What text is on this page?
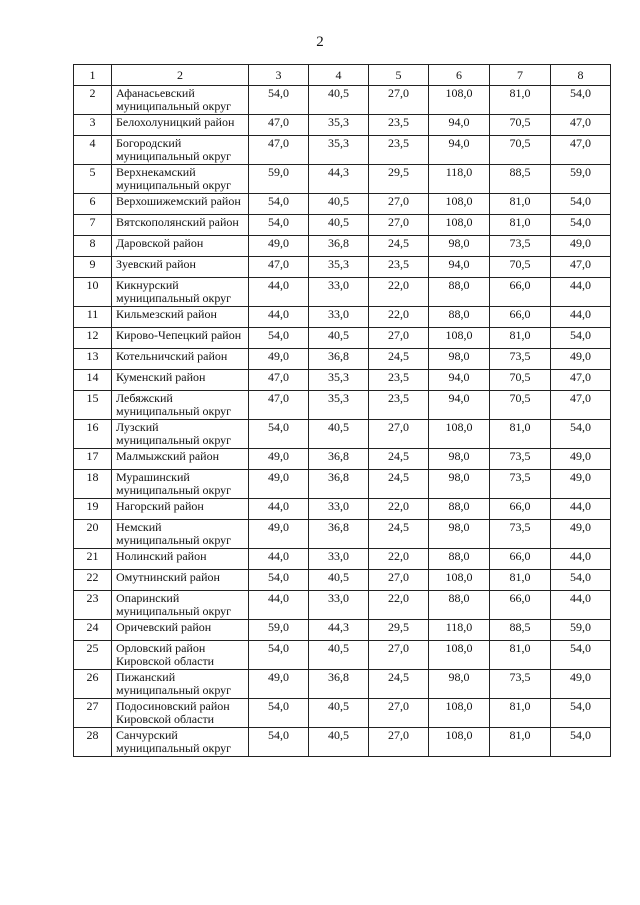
2
1	2	3	4	5	6	7	8
2	Афанасьевский муниципальный округ	54,0	40,5	27,0	108,0	81,0	54,0
3	Белохолуницкий район	47,0	35,3	23,5	94,0	70,5	47,0
4	Богородский муниципальный округ	47,0	35,3	23,5	94,0	70,5	47,0
5	Верхнекамский муниципальный округ	59,0	44,3	29,5	118,0	88,5	59,0
6	Верхошижемский район	54,0	40,5	27,0	108,0	81,0	54,0
7	Вятскополянский район	54,0	40,5	27,0	108,0	81,0	54,0
8	Даровской район	49,0	36,8	24,5	98,0	73,5	49,0
9	Зуевский район	47,0	35,3	23,5	94,0	70,5	47,0
10	Кикнурский муниципальный округ	44,0	33,0	22,0	88,0	66,0	44,0
11	Кильмезский район	44,0	33,0	22,0	88,0	66,0	44,0
12	Кирово-Чепецкий район	54,0	40,5	27,0	108,0	81,0	54,0
13	Котельничский район	49,0	36,8	24,5	98,0	73,5	49,0
14	Куменский район	47,0	35,3	23,5	94,0	70,5	47,0
15	Лебяжский муниципальный округ	47,0	35,3	23,5	94,0	70,5	47,0
16	Лузский муниципальный округ	54,0	40,5	27,0	108,0	81,0	54,0
17	Малмыжский район	49,0	36,8	24,5	98,0	73,5	49,0
18	Мурашинский муниципальный округ	49,0	36,8	24,5	98,0	73,5	49,0
19	Нагорский район	44,0	33,0	22,0	88,0	66,0	44,0
20	Немский муниципальный округ	49,0	36,8	24,5	98,0	73,5	49,0
21	Нолинский район	44,0	33,0	22,0	88,0	66,0	44,0
22	Омутнинский район	54,0	40,5	27,0	108,0	81,0	54,0
23	Опаринский муниципальный округ	44,0	33,0	22,0	88,0	66,0	44,0
24	Оричевский район	59,0	44,3	29,5	118,0	88,5	59,0
25	Орловский район Кировской области	54,0	40,5	27,0	108,0	81,0	54,0
26	Пижанский муниципальный округ	49,0	36,8	24,5	98,0	73,5	49,0
27	Подосиновский район Кировской области	54,0	40,5	27,0	108,0	81,0	54,0
28	Санчурский муниципальный округ	54,0	40,5	27,0	108,0	81,0	54,0
